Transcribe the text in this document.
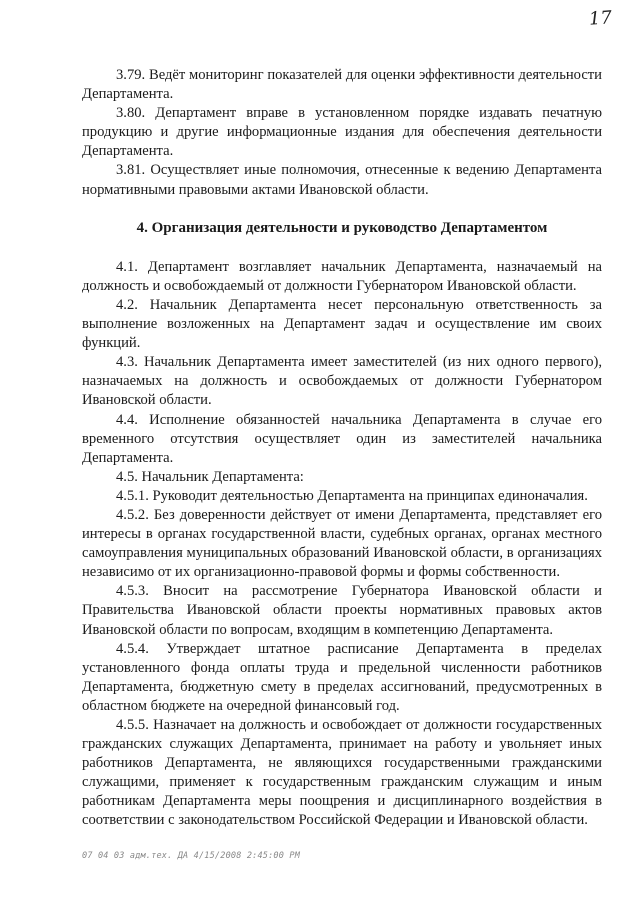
17

3.79. Ведёт мониторинг показателей для оценки эффективности деятельности Департамента.

3.80. Департамент вправе в установленном порядке издавать печатную продукцию и другие информационные издания для обеспечения деятельности Департамента.

3.81. Осуществляет иные полномочия, отнесенные к ведению Департамента нормативными правовыми актами Ивановской области.

4. Организация деятельности и руководство Департаментом

4.1. Департамент возглавляет начальник Департамента, назначаемый на должность и освобождаемый от должности Губернатором Ивановской области.

4.2. Начальник Департамента несет персональную ответственность за выполнение возложенных на Департамент задач и осуществление им своих функций.

4.3. Начальник Департамента имеет заместителей (из них одного первого), назначаемых на должность и освобождаемых от должности Губернатором Ивановской области.

4.4. Исполнение обязанностей начальника Департамента в случае его временного отсутствия осуществляет один из заместителей начальника Департамента.

4.5. Начальник Департамента:

4.5.1. Руководит деятельностью Департамента на принципах единоначалия.

4.5.2. Без доверенности действует от имени Департамента, представляет его интересы в органах государственной власти, судебных органах, органах местного самоуправления муниципальных образований Ивановской области, в организациях независимо от их организационно-правовой формы и формы собственности.

4.5.3. Вносит на рассмотрение Губернатора Ивановской области и Правительства Ивановской области проекты нормативных правовых актов Ивановской области по вопросам, входящим в компетенцию Департамента.

4.5.4. Утверждает штатное расписание Департамента в пределах установленного фонда оплаты труда и предельной численности работников Департамента, бюджетную смету в пределах ассигнований, предусмотренных в областном бюджете на очередной финансовый год.

4.5.5. Назначает на должность и освобождает от должности государственных гражданских служащих Департамента, принимает на работу и увольняет иных работников Департамента, не являющихся государственными гражданскими служащими, применяет к государственным гражданским служащим и иным работникам Департамента меры поощрения и дисциплинарного воздействия в соответствии с законодательством Российской Федерации и Ивановской области.

07 04 03 адм.тех. ДА 4/15/2008 2:45:00 PM
